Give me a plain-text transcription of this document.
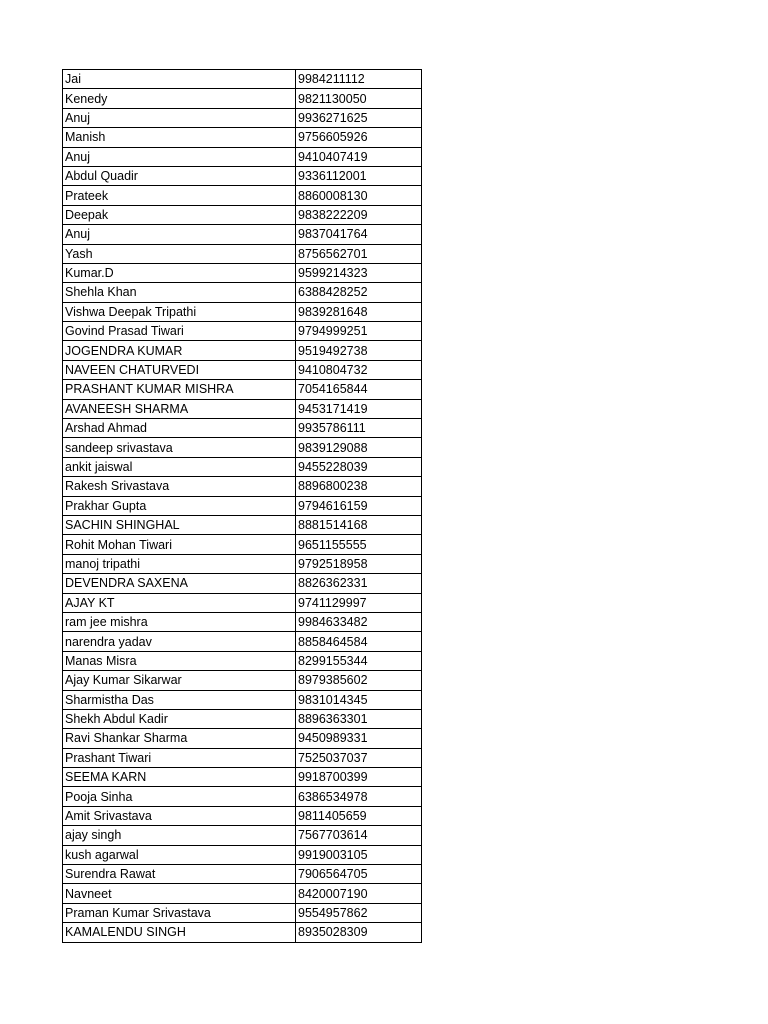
Jai	9984211112
Kenedy	9821130050
Anuj	9936271625
Manish	9756605926
Anuj	9410407419
Abdul Quadir	9336112001
Prateek	8860008130
Deepak	9838222209
Anuj	9837041764
Yash	8756562701
Kumar.D	9599214323
Shehla Khan	6388428252
Vishwa Deepak Tripathi	9839281648
Govind Prasad Tiwari	9794999251
JOGENDRA KUMAR	9519492738
NAVEEN CHATURVEDI	9410804732
PRASHANT KUMAR MISHRA	7054165844
AVANEESH SHARMA	9453171419
Arshad Ahmad	9935786111
sandeep srivastava	9839129088
ankit jaiswal	9455228039
Rakesh Srivastava	8896800238
Prakhar Gupta	9794616159
SACHIN SHINGHAL	8881514168
Rohit Mohan Tiwari	9651155555
manoj tripathi	9792518958
DEVENDRA SAXENA	8826362331
AJAY KT	9741129997
ram jee mishra	9984633482
narendra yadav	8858464584
Manas Misra	8299155344
Ajay Kumar Sikarwar	8979385602
Sharmistha Das	9831014345
Shekh Abdul Kadir	8896363301
Ravi Shankar Sharma	9450989331
Prashant Tiwari	7525037037
SEEMA KARN	9918700399
Pooja Sinha	6386534978
Amit Srivastava	9811405659
ajay singh	7567703614
kush agarwal	9919003105
Surendra Rawat	7906564705
Navneet	8420007190
Praman Kumar Srivastava	9554957862
KAMALENDU SINGH	8935028309
